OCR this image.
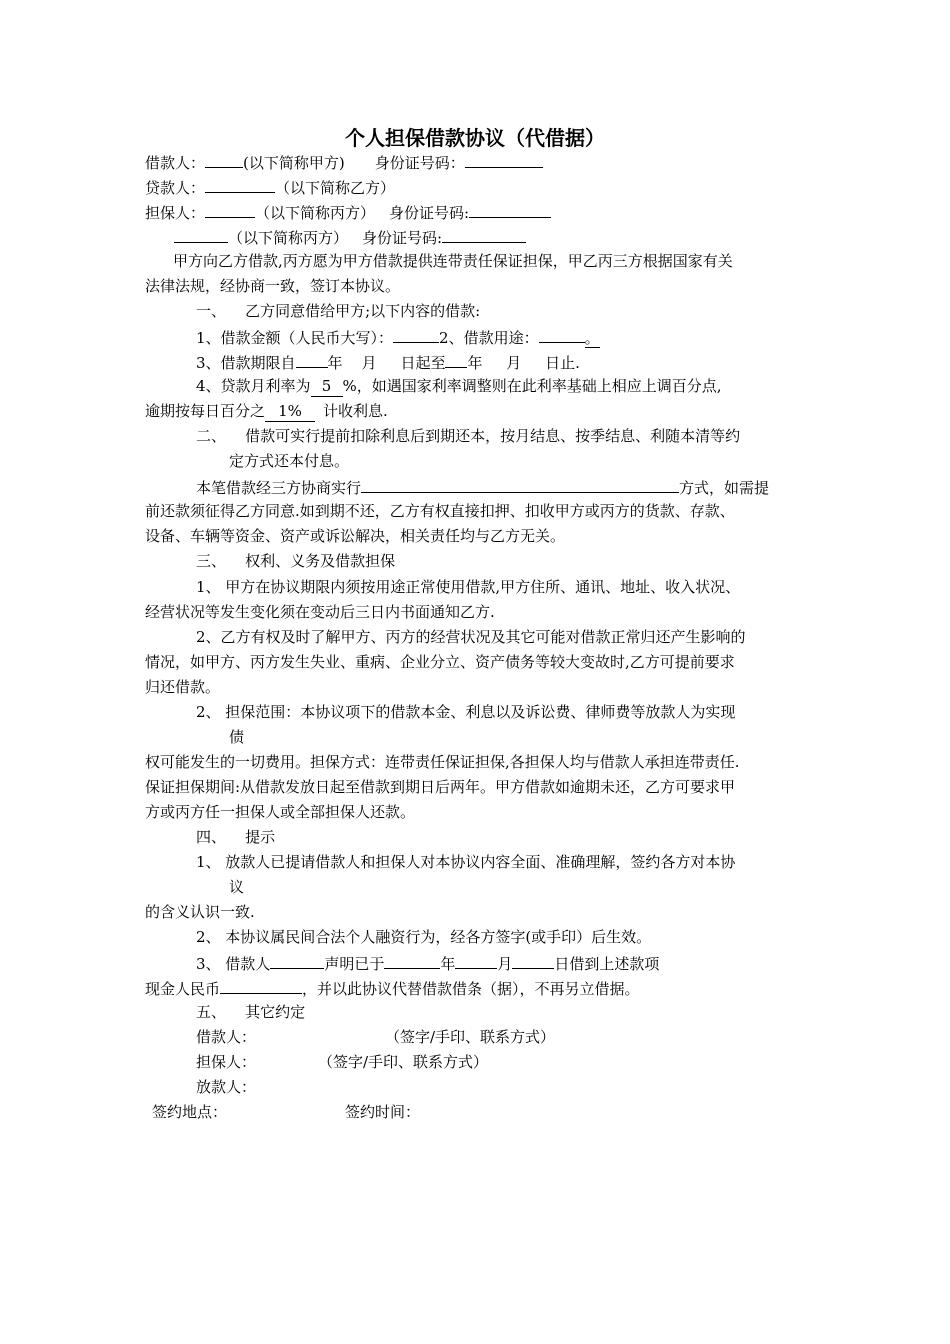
个人担保借款协议（代借据）
借款人：	(以下简称甲方) 身份证号码：
贷款人：	（以下简称乙方）
担保人：	（以下简称丙方） 身份证号码:
（以下简称丙方） 身份证号码:
甲方向乙方借款,丙方愿为甲方借款提供连带责任保证担保，甲乙丙三方根据国家有关
法律法规，经协商一致，签订本协议。
一、    乙方同意借给甲方;以下内容的借款:
1、借款金额（人民币大写）：	2、借款用途：	。
3、借款期限自 年    月     日起至 年     月     日止.
4、贷款月利率为 5 %，如遇国家利率调整则在此利率基础上相应上调百分点,
逾期按每日百分之 1% 计收利息.
二、    借款可实行提前扣除利息后到期还本，按月结息、按季结息、利随本清等约
定方式还本付息。
本笔借款经三方协商实行	方式，如需提
前还款须征得乙方同意.如到期不还，乙方有权直接扣押、扣收甲方或丙方的货款、存款、
设备、车辆等资金、资产或诉讼解决，相关责任均与乙方无关。
三、    权利、义务及借款担保
1、 甲方在协议期限内须按用途正常使用借款,甲方住所、通讯、地址、收入状况、
经营状况等发生变化须在变动后三日内书面通知乙方.
2、乙方有权及时了解甲方、丙方的经营状况及其它可能对借款正常归还产生影响的
情况，如甲方、丙方发生失业、重病、企业分立、资产债务等较大变故时,乙方可提前要求
归还借款。
2、 担保范围：本协议项下的借款本金、利息以及诉讼费、律师费等放款人为实现
债
权可能发生的一切费用。担保方式：连带责任保证担保,各担保人均与借款人承担连带责任.
保证担保期间:从借款发放日起至借款到期日后两年。甲方借款如逾期未还，乙方可要求甲
方或丙方任一担保人或全部担保人还款。
四、    提示
1、 放款人已提请借款人和担保人对本协议内容全面、准确理解，签约各方对本协
议
的含义认识一致.
2、 本协议属民间合法个人融资行为，经各方签字(或手印）后生效。
3、 借款人	声明已于	年	月	日借到上述款项
现金人民币	，并以此协议代替借款借条（据），不再另立借据。
五、    其它约定
借款人：	（签字/手印、联系方式）
担保人：	（签字/手印、联系方式）
放款人：
签约地点：	签约时间：
